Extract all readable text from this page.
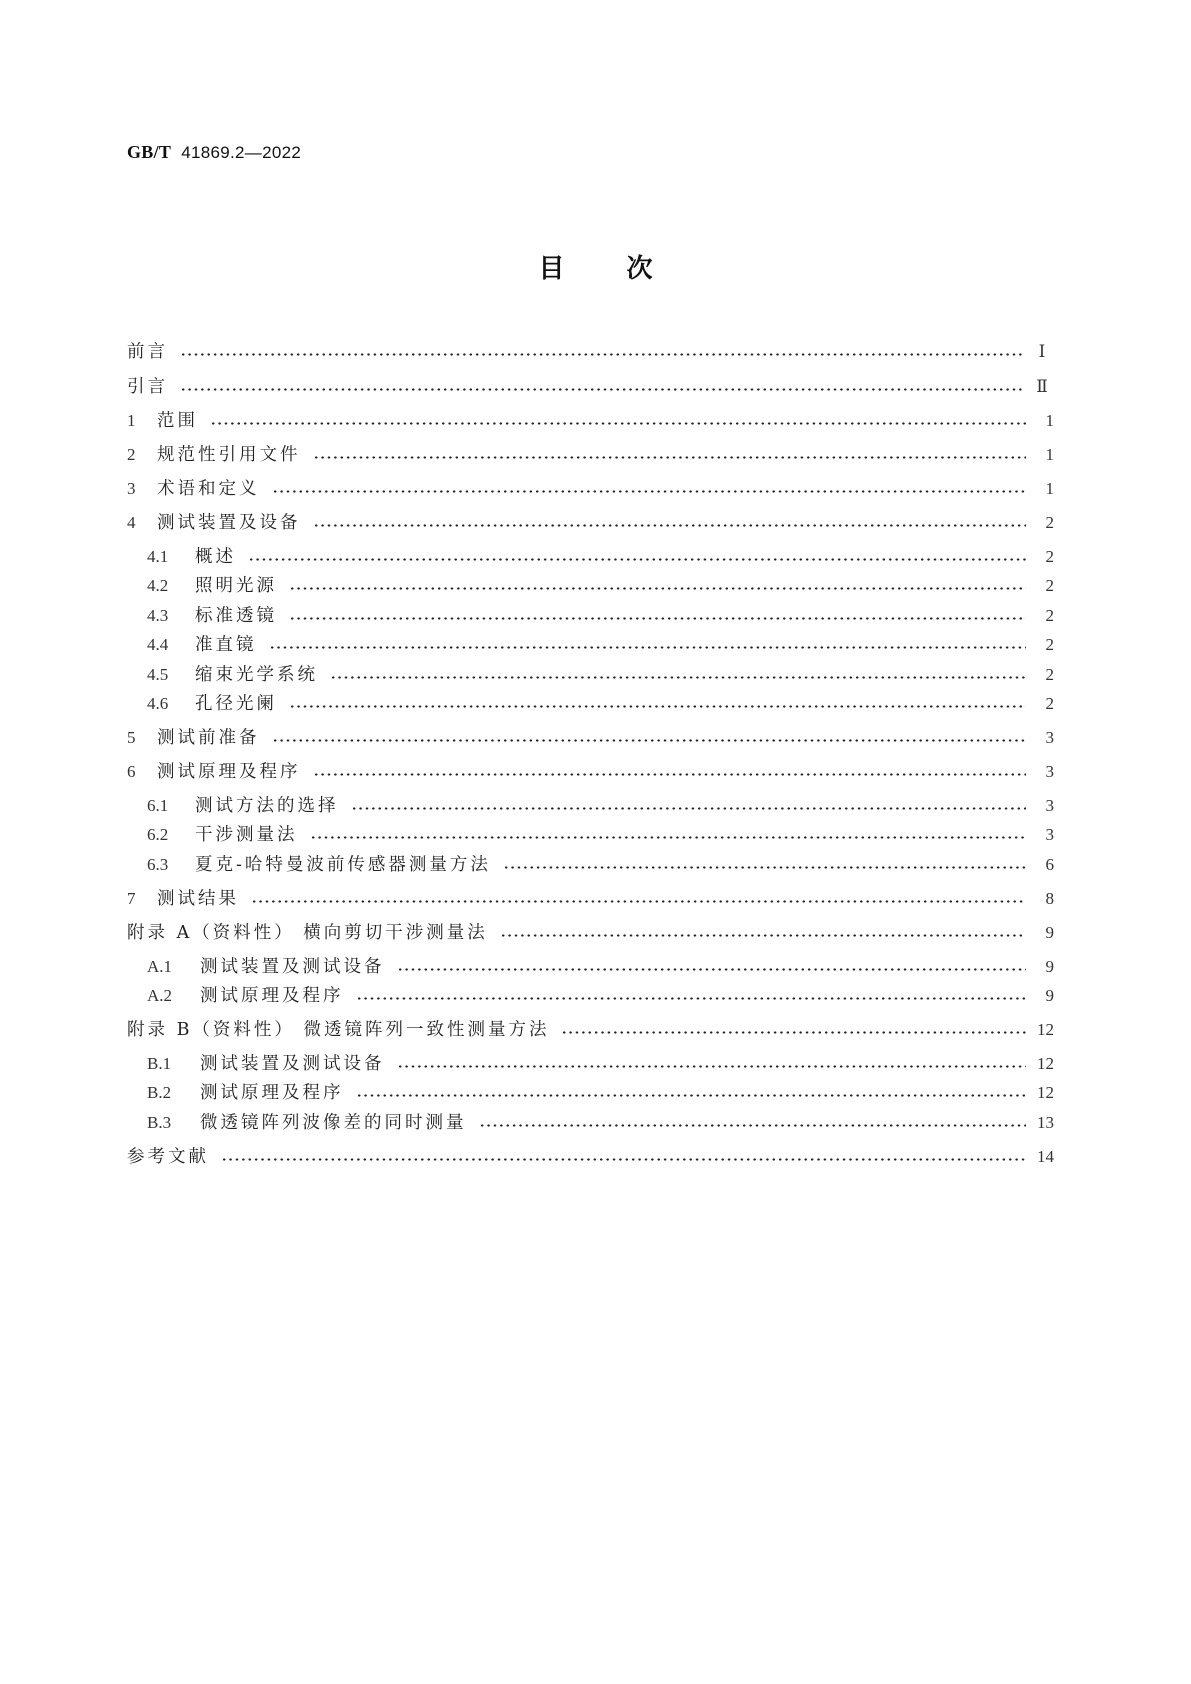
GB/T 41869.2—2022
目 次
前言	Ⅰ
引言	Ⅱ
1	范围	1
2	规范性引用文件	1
3	术语和定义	1
4	测试装置及设备	2
4.1	概述	2
4.2	照明光源	2
4.3	标准透镜	2
4.4	准直镜	2
4.5	缩束光学系统	2
4.6	孔径光阑	2
5	测试前准备	3
6	测试原理及程序	3
6.1	测试方法的选择	3
6.2	干涉测量法	3
6.3	夏克-哈特曼波前传感器测量方法	6
7	测试结果	8
附录 A（资料性） 横向剪切干涉测量法	9
A.1	测试装置及测试设备	9
A.2	测试原理及程序	9
附录 B（资料性） 微透镜阵列一致性测量方法	12
B.1	测试装置及测试设备	12
B.2	测试原理及程序	12
B.3	微透镜阵列波像差的同时测量	13
参考文献	14
